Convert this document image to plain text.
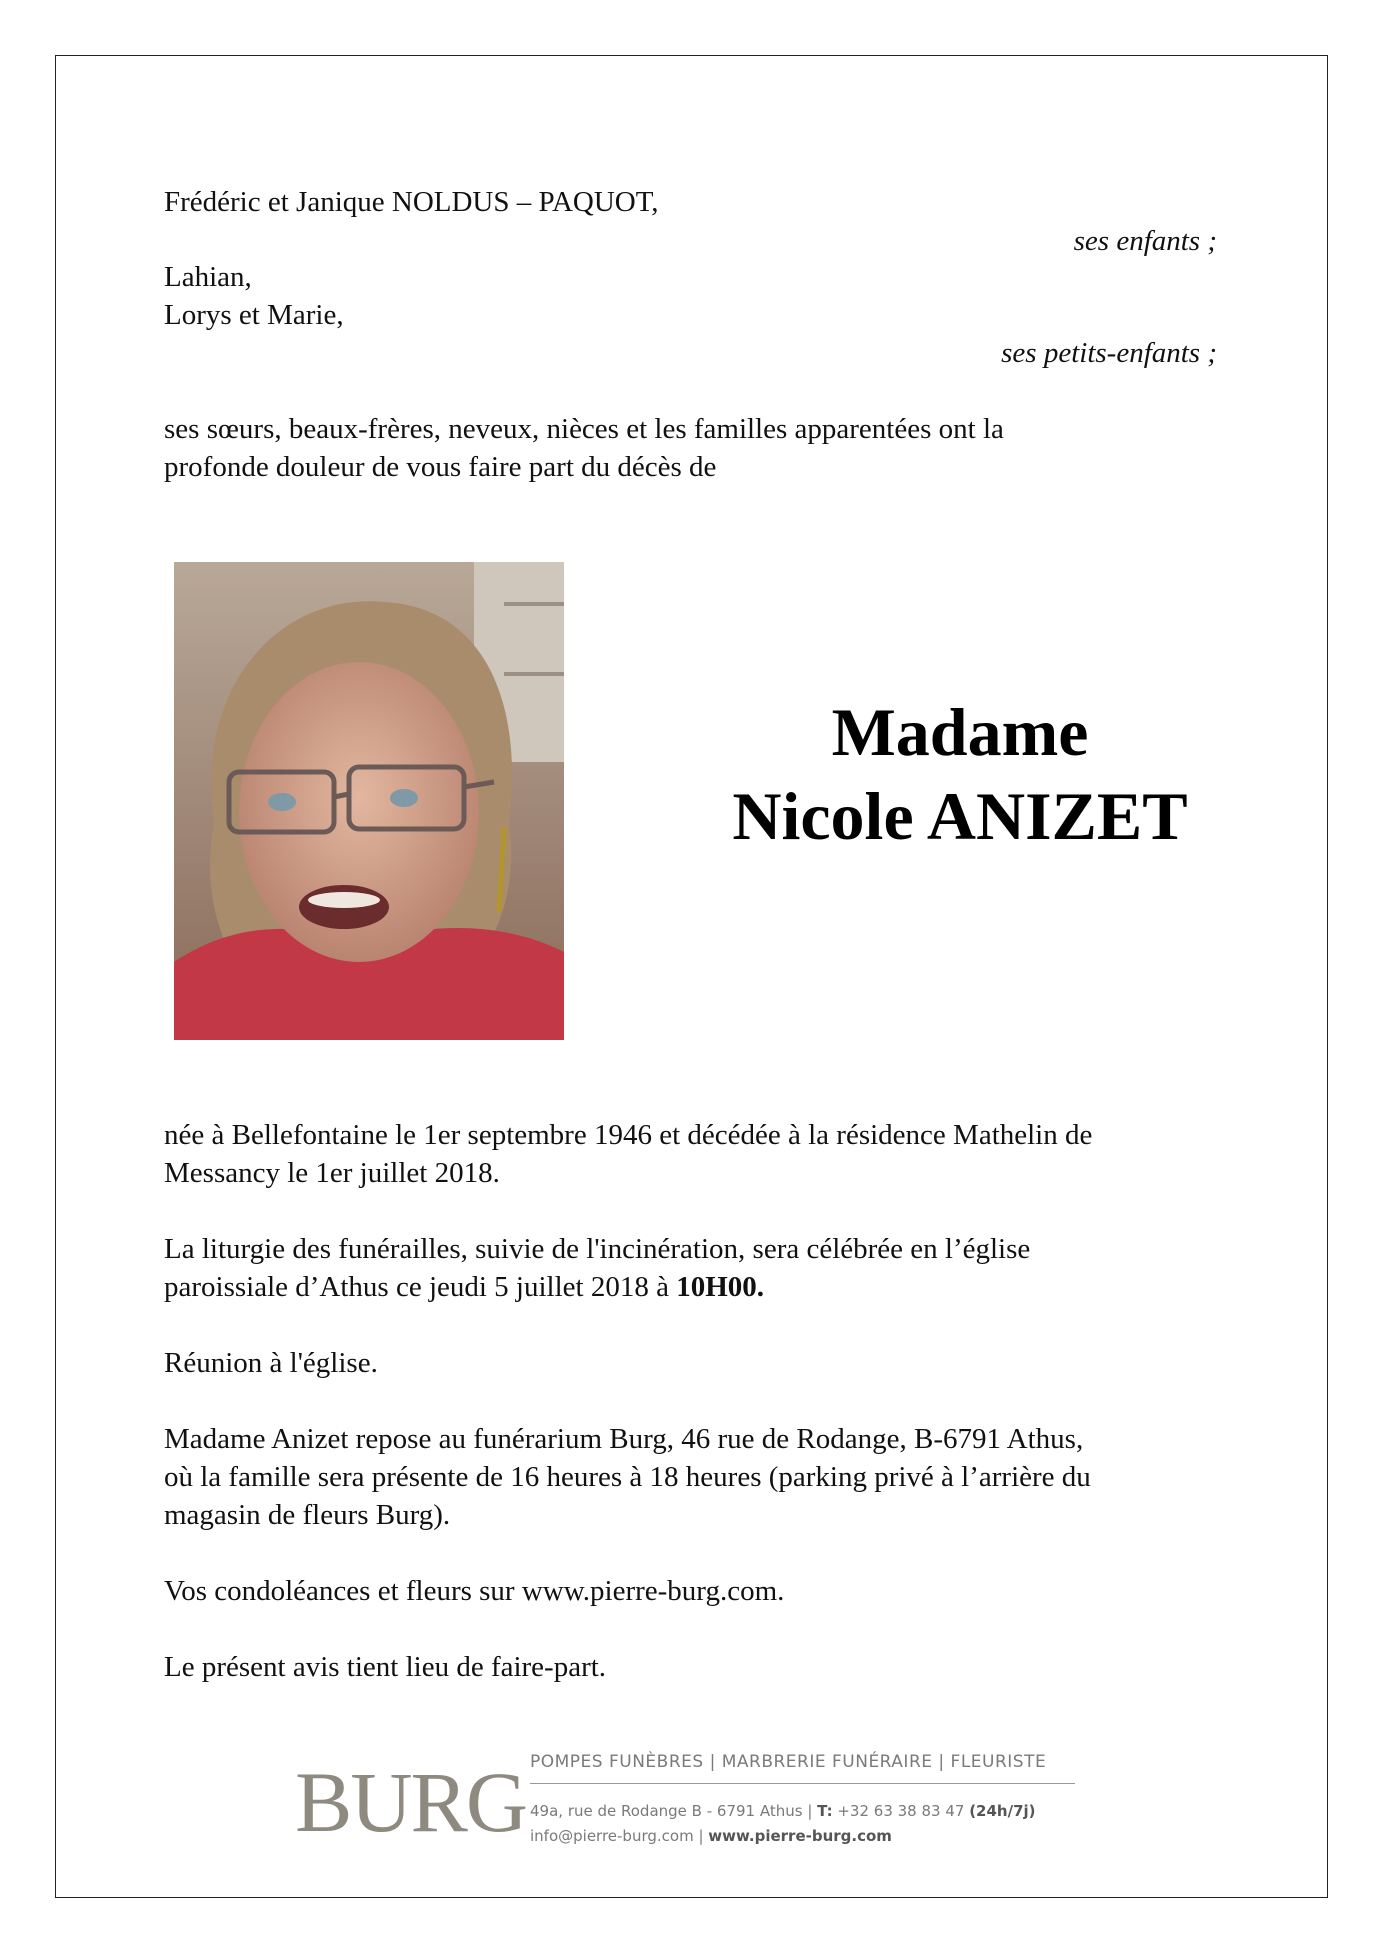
Frédéric et Janique NOLDUS – PAQUOT,
ses enfants ;
Lahian,
Lorys et Marie,
ses petits-enfants ;
ses sœurs, beaux-frères, neveux, nièces et les familles apparentées ont la
profonde douleur de vous faire part du décès de
Madame
Nicole ANIZET
née à Bellefontaine le 1er septembre 1946 et décédée à la résidence Mathelin de
Messancy le 1er juillet 2018.
La liturgie des funérailles, suivie de l'incinération, sera célébrée en l’église
paroissiale d’Athus ce jeudi 5 juillet 2018 à 10H00.
Réunion à l'église.
Madame Anizet repose au funérarium Burg, 46 rue de Rodange, B-6791 Athus,
où la famille sera présente de 16 heures à 18 heures (parking privé à l’arrière du
magasin de fleurs Burg).
Vos condoléances et fleurs sur www.pierre-burg.com.
Le présent avis tient lieu de faire-part.
BURG POMPES FUNÈBRES | MARBRERIE FUNÉRAIRE | FLEURISTE
49a, rue de Rodange B - 6791 Athus | T: +32 63 38 83 47 (24h/7j)
info@pierre-burg.com | www.pierre-burg.com
